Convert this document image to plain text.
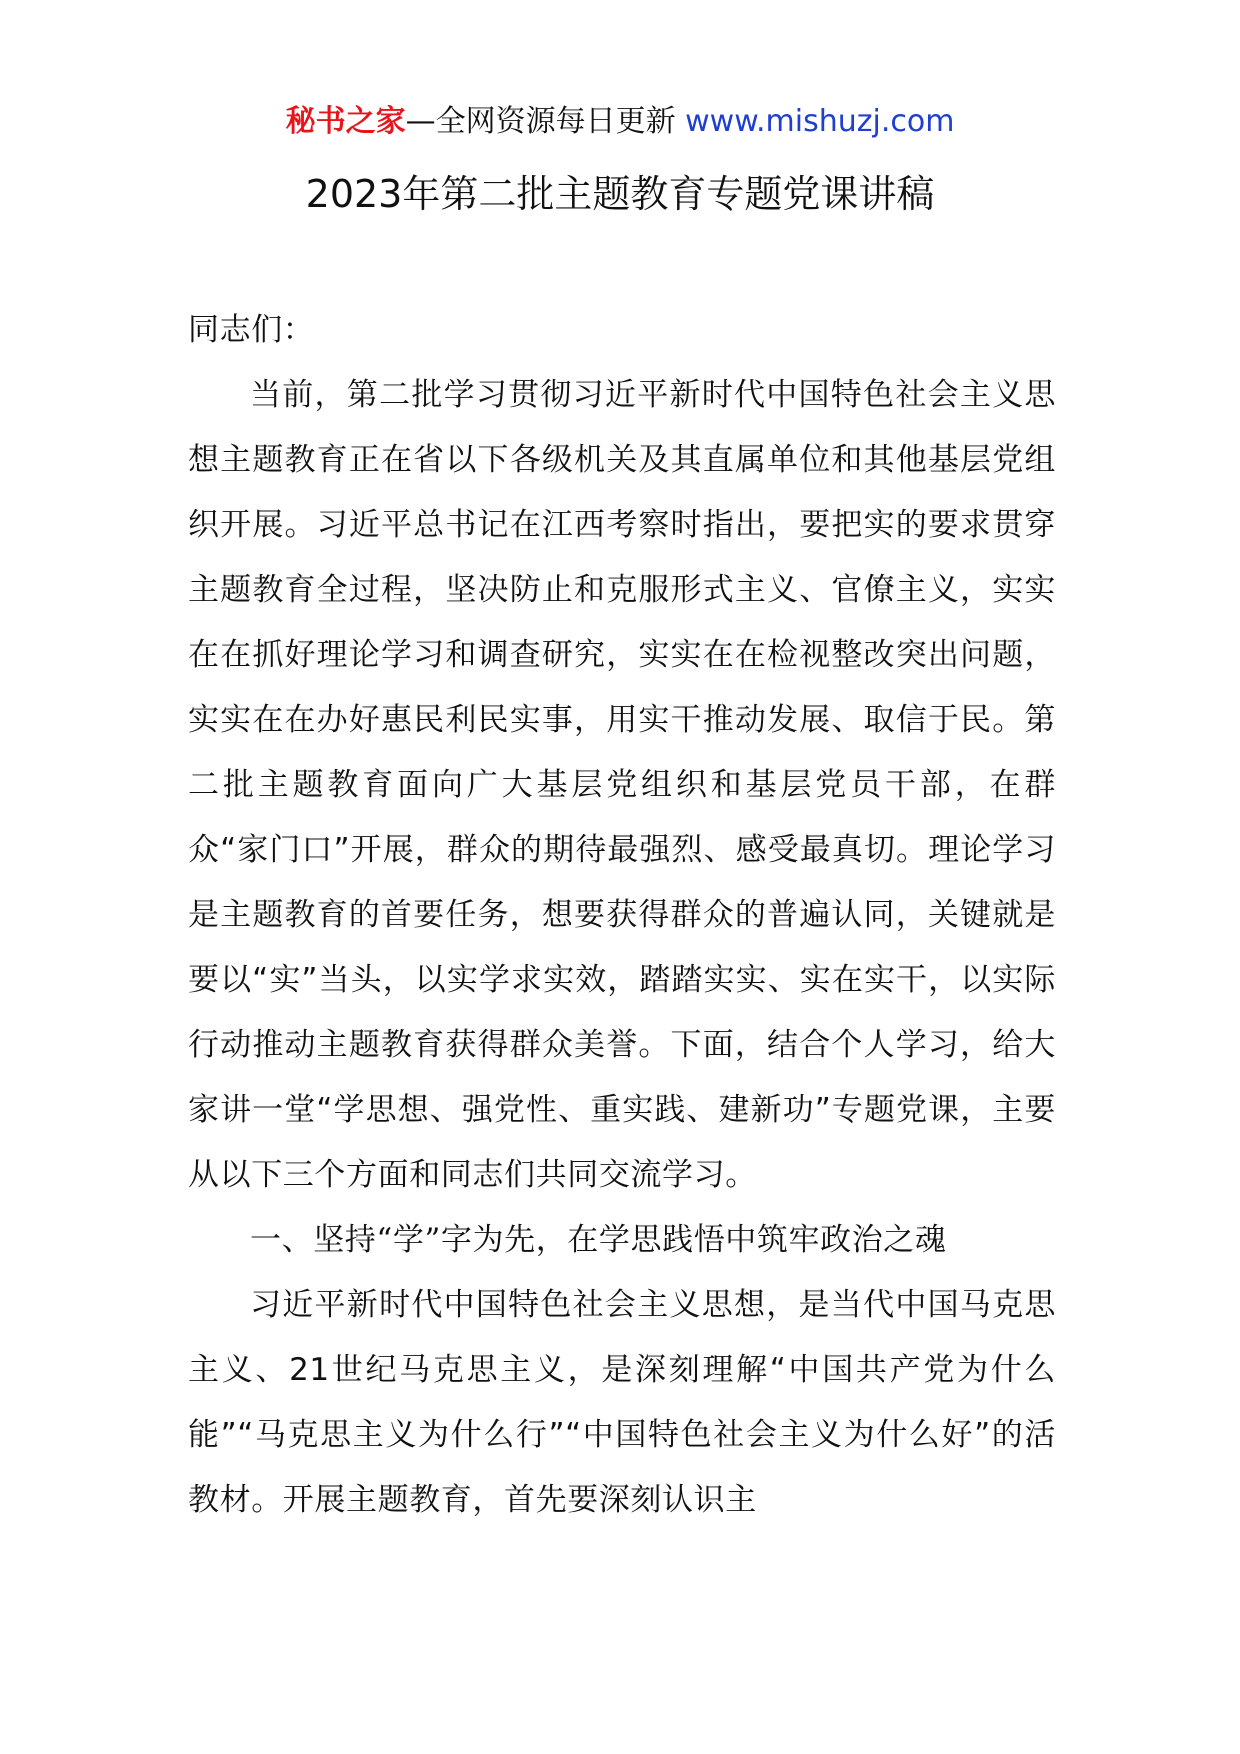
秘书之家—全网资源每日更新 www.mishuzj.com
2023年第二批主题教育专题党课讲稿

同志们：

当前，第二批学习贯彻习近平新时代中国特色社会主义思想主题教育正在省以下各级机关及其直属单位和其他基层党组织开展。习近平总书记在江西考察时指出，要把实的要求贯穿主题教育全过程，坚决防止和克服形式主义、官僚主义，实实在在抓好理论学习和调查研究，实实在在检视整改突出问题，实实在在办好惠民利民实事，用实干推动发展、取信于民。第二批主题教育面向广大基层党组织和基层党员干部，在群众“家门口”开展，群众的期待最强烈、感受最真切。理论学习是主题教育的首要任务，想要获得群众的普遍认同，关键就是要以“实”当头，以实学求实效，踏踏实实、实在实干，以实际行动推动主题教育获得群众美誉。下面，结合个人学习，给大家讲一堂“学思想、强党性、重实践、建新功”专题党课，主要从以下三个方面和同志们共同交流学习。

一、坚持“学”字为先，在学思践悟中筑牢政治之魂

习近平新时代中国特色社会主义思想，是当代中国马克思主义、21世纪马克思主义，是深刻理解“中国共产党为什么能”“马克思主义为什么行”“中国特色社会主义为什么好”的活教材。开展主题教育，首先要深刻认识主
